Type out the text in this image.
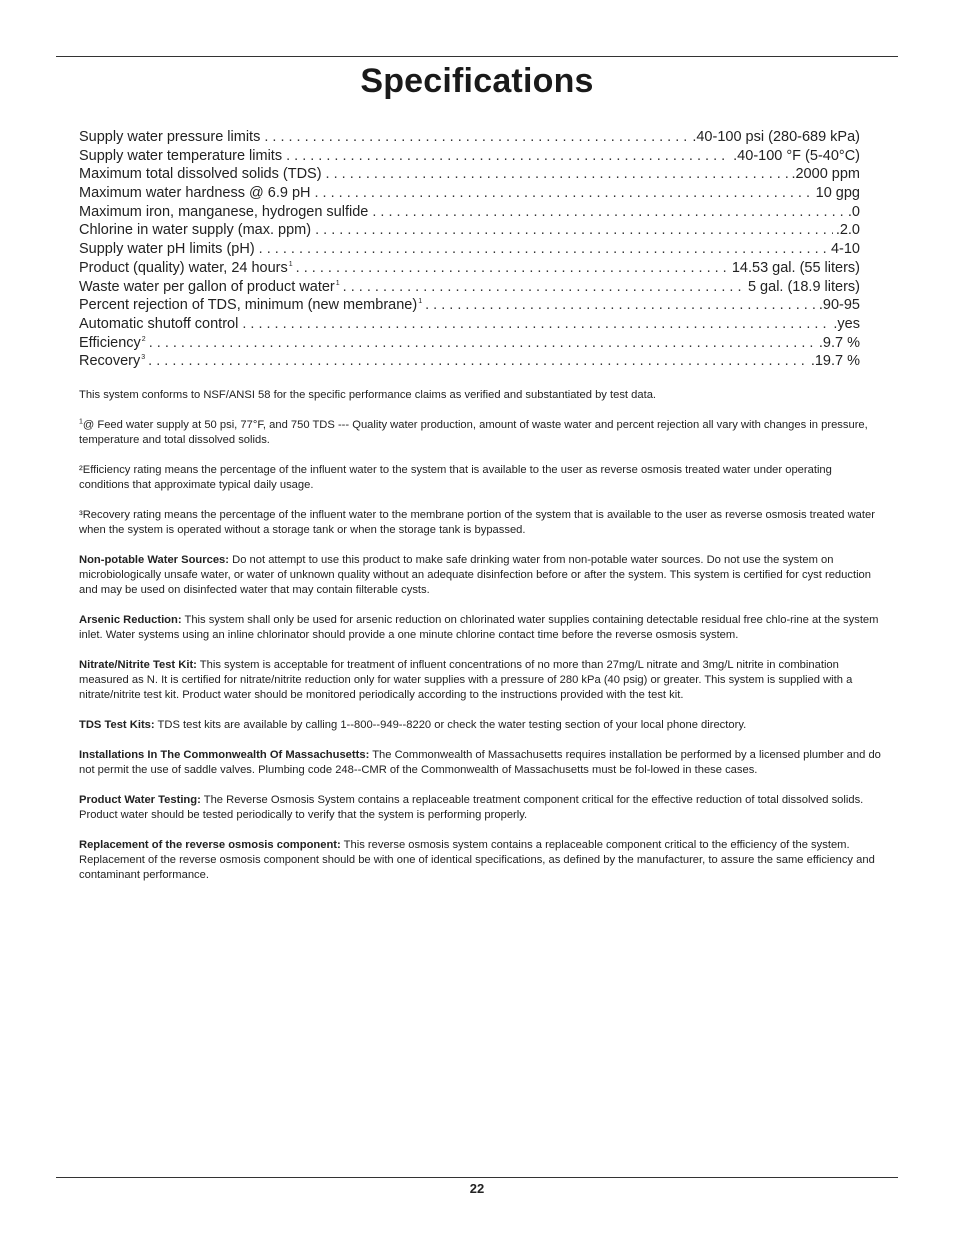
Specifications
Supply water pressure limits . . .	.40-100 psi (280-689 kPa)
Supply water temperature limits . . .	.40-100 °F (5-40°C)
Maximum total dissolved solids (TDS) . . .	.2000 ppm
Maximum water hardness @ 6.9 pH . . .	10 gpg
Maximum iron, manganese, hydrogen sulfide . . .	.0
Chlorine in water supply (max. ppm) . . .	.2.0
Supply water pH limits (pH) . . .	4-10
Product (quality) water, 24 hours$^1$ . . .	14.53 gal. (55 liters)
Waste water per gallon of product water$^1$ . . .	5 gal. (18.9 liters)
Percent rejection of TDS, minimum (new membrane)$^1$ . . .	.90-95
Automatic shutoff control . . .	.yes
Efficiency$^2$ . . .	.9.7 %
Recovery$^3$ . . .	.19.7 %

This system conforms to NSF/ANSI 58 for the specific performance claims as verified and substantiated by test data.

$^1$@ Feed water supply at 50 psi, 77°F, and 750 TDS --- Quality water production, amount of waste water and percent rejection all vary with changes in pressure, temperature and total dissolved solids.

²Efficiency rating means the percentage of the influent water to the system that is available to the user as reverse osmosis treated water under operating conditions that approximate typical daily usage.

³Recovery rating means the percentage of the influent water to the membrane portion of the system that is available to the user as reverse osmosis treated water when the system is operated without a storage tank or when the storage tank is bypassed.

Non-potable Water Sources: Do not attempt to use this product to make safe drinking water from non-potable water sources. Do not use the system on microbiologically unsafe water, or water of unknown quality without an adequate disinfection before or after the system. This system is certified for cyst reduction and may be used on disinfected water that may contain filterable cysts.

Arsenic Reduction: This system shall only be used for arsenic reduction on chlorinated water supplies containing detectable residual free chlo-rine at the system inlet. Water systems using an inline chlorinator should provide a one minute chlorine contact time before the reverse osmosis system.

Nitrate/Nitrite Test Kit: This system is acceptable for treatment of influent concentrations of no more than 27mg/L nitrate and 3mg/L nitrite in combination measured as N. It is certified for nitrate/nitrite reduction only for water supplies with a pressure of 280 kPa (40 psig) or greater. This system is supplied with a nitrate/nitrite test kit. Product water should be monitored periodically according to the instructions provided with the test kit.

TDS Test Kits: TDS test kits are available by calling 1--800--949--8220 or check the water testing section of your local phone directory.

Installations In The Commonwealth Of Massachusetts: The Commonwealth of Massachusetts requires installation be performed by a licensed plumber and do not permit the use of saddle valves. Plumbing code 248--CMR of the Commonwealth of Massachusetts must be fol-lowed in these cases.

Product Water Testing: The Reverse Osmosis System contains a replaceable treatment component critical for the effective reduction of total dissolved solids. Product water should be tested periodically to verify that the system is performing properly.

Replacement of the reverse osmosis component: This reverse osmosis system contains a replaceable component critical to the efficiency of the system. Replacement of the reverse osmosis component should be with one of identical specifications, as defined by the manufacturer, to assure the same efficiency and contaminant performance.

22
